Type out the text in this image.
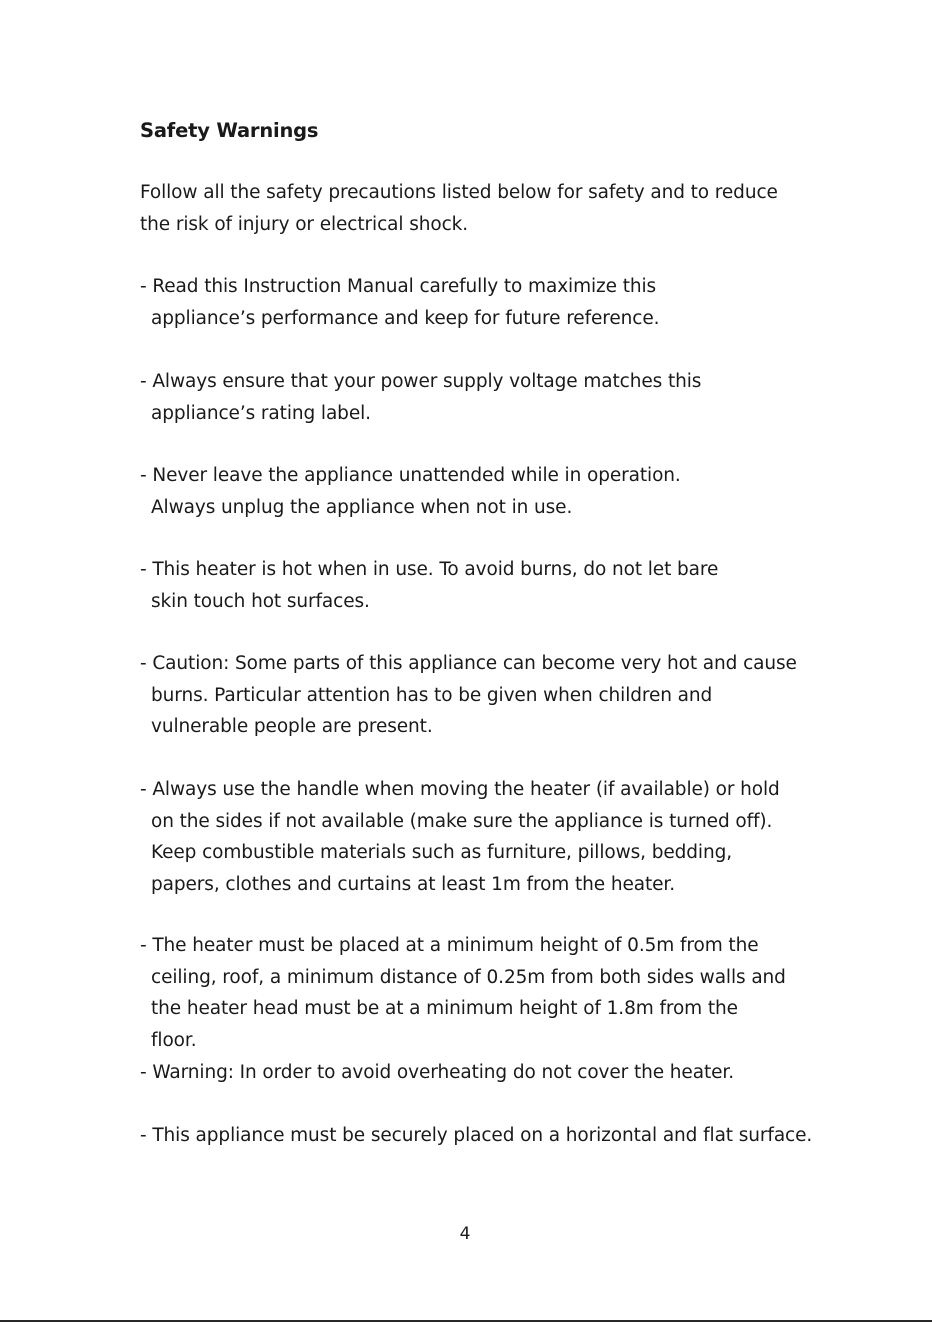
Safety Warnings

Follow all the safety precautions listed below for safety and to reduce the risk of injury or electrical shock.

- Read this Instruction Manual carefully to maximize this appliance’s performance and keep for future reference.

- Always ensure that your power supply voltage matches this appliance’s rating label.

- Never leave the appliance unattended while in operation. Always unplug the appliance when not in use.

- This heater is hot when in use. To avoid burns, do not let bare skin touch hot surfaces.

- Caution: Some parts of this appliance can become very hot and cause burns. Particular attention has to be given when children and vulnerable people are present.

- Always use the handle when moving the heater (if available) or hold on the sides if not available (make sure the appliance is turned off). Keep combustible materials such as furniture, pillows, bedding, papers, clothes and curtains at least 1m from the heater.

- The heater must be placed at a minimum height of 0.5m from the ceiling, roof, a minimum distance of 0.25m from both sides walls and the heater head must be at a minimum height of 1.8m from the floor.

- Warning: In order to avoid overheating do not cover the heater.

- This appliance must be securely placed on a horizontal and flat surface.

4
